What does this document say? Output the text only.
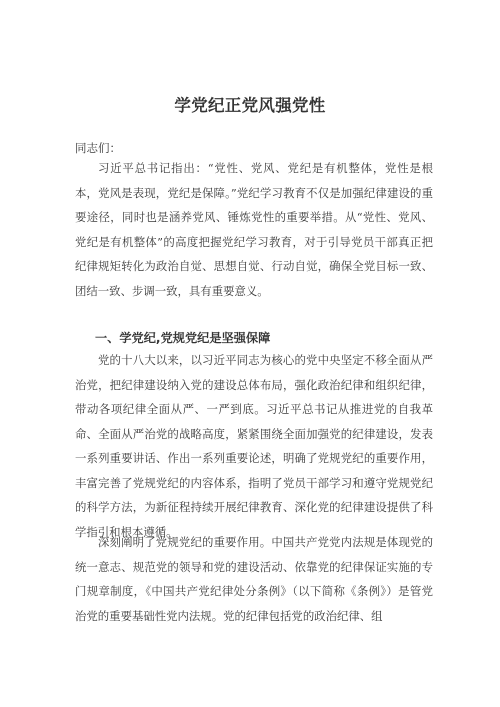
学党纪正党风强党性
同志们：
习近平总书记指出：“党性、党风、党纪是有机整体，党性是根本，党风是表现，党纪是保障。”党纪学习教育不仅是加强纪律建设的重要途径，同时也是涵养党风、锤炼党性的重要举措。从“党性、党风、党纪是有机整体”的高度把握党纪学习教育，对于引导党员干部真正把纪律规矩转化为政治自觉、思想自觉、行动自觉，确保全党目标一致、团结一致、步调一致，具有重要意义。
一、学党纪,党规党纪是坚强保障
党的十八大以来，以习近平同志为核心的党中央坚定不移全面从严治党，把纪律建设纳入党的建设总体布局，强化政治纪律和组织纪律，带动各项纪律全面从严、一严到底。习近平总书记从推进党的自我革命、全面从严治党的战略高度，紧紧围绕全面加强党的纪律建设，发表一系列重要讲话、作出一系列重要论述，明确了党规党纪的重要作用，丰富完善了党规党纪的内容体系，指明了党员干部学习和遵守党规党纪的科学方法，为新征程持续开展纪律教育、深化党的纪律建设提供了科学指引和根本遵循。
深刻阐明了党规党纪的重要作用。中国共产党党内法规是体现党的统一意志、规范党的领导和党的建设活动、依靠党的纪律保证实施的专门规章制度，《中国共产党纪律处分条例》（以下简称《条例》）是管党治党的重要基础性党内法规。党的纪律包括党的政治纪律、组
